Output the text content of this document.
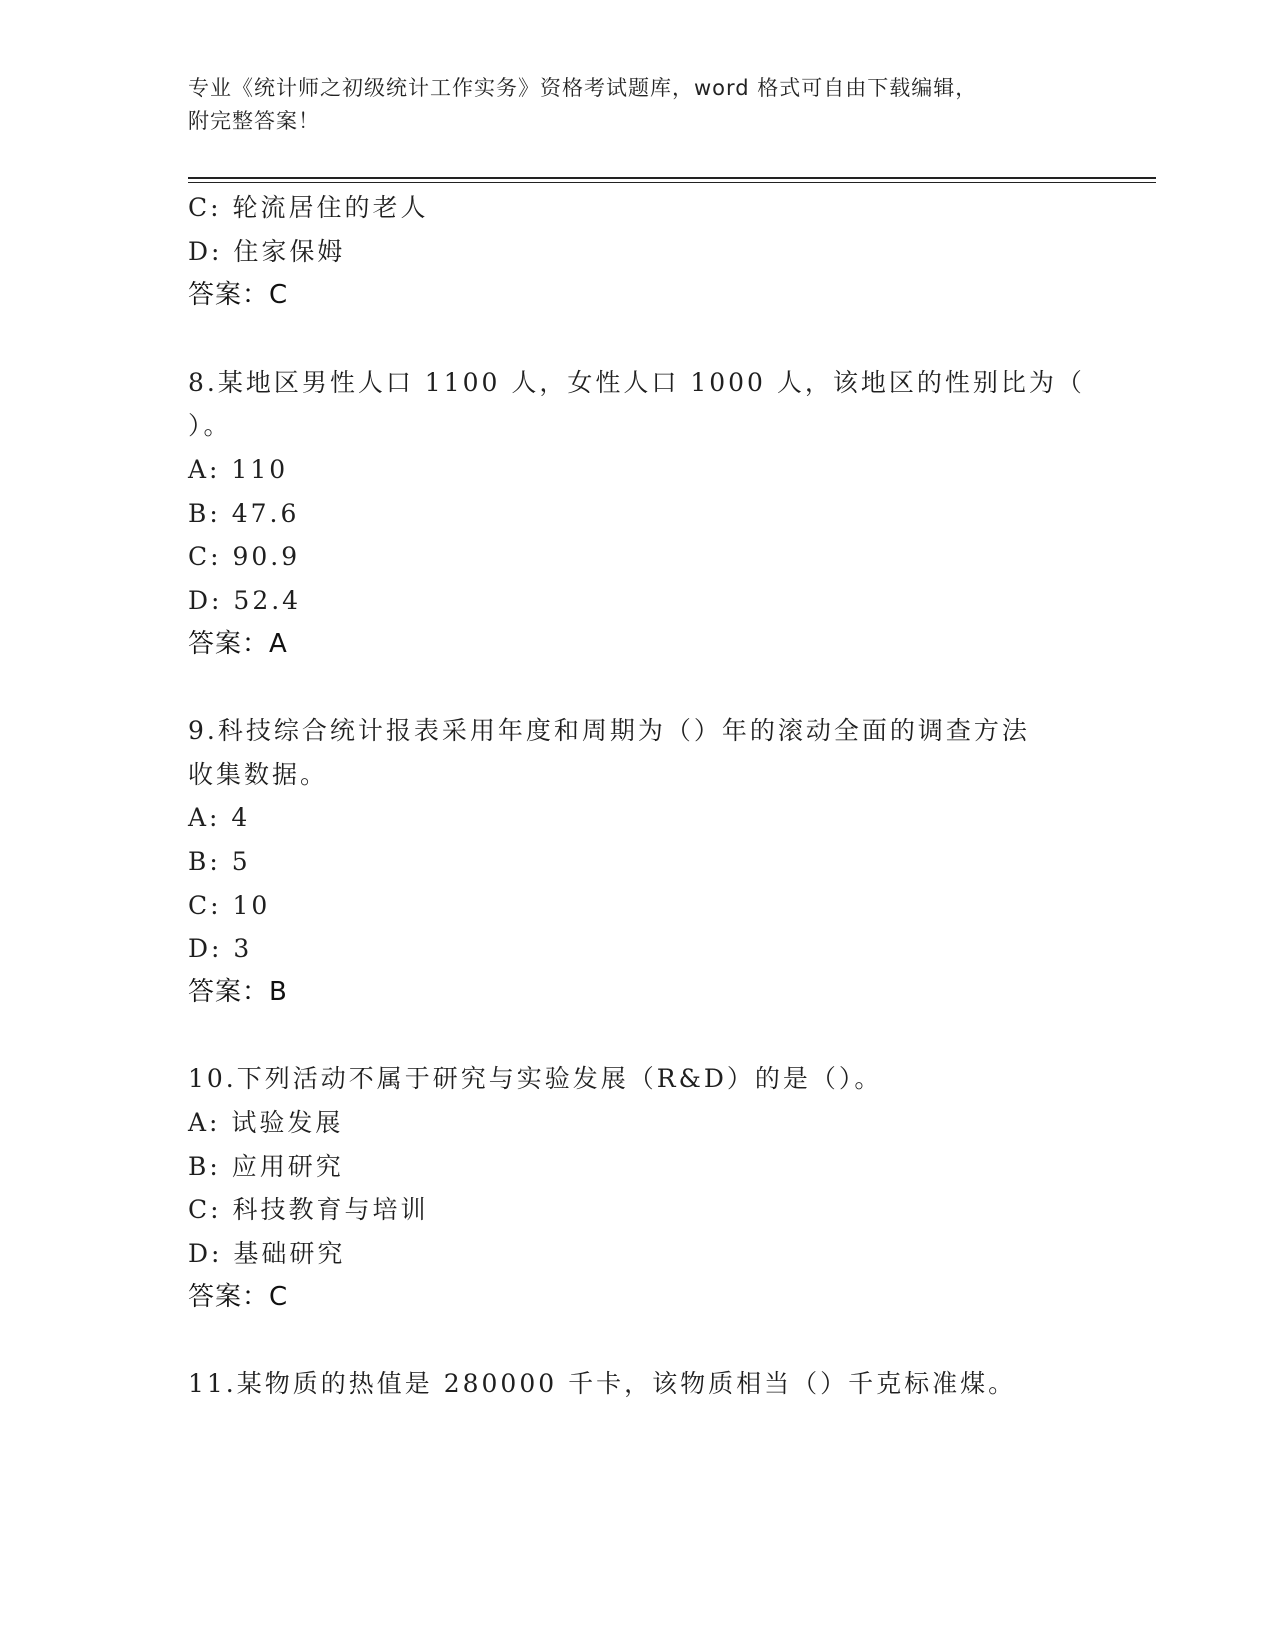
专业《统计师之初级统计工作实务》资格考试题库，word 格式可自由下载编辑，
附完整答案！
C: 轮流居住的老人
D: 住家保姆
答案：C
8.某地区男性人口 1100 人，女性人口 1000 人，该地区的性别比为（
）。
A: 110
B: 47.6
C: 90.9
D: 52.4
答案：A
9.科技综合统计报表采用年度和周期为（）年的滚动全面的调查方法
收集数据。
A: 4
B: 5
C: 10
D: 3
答案：B
10.下列活动不属于研究与实验发展（R&D）的是（）。
A: 试验发展
B: 应用研究
C: 科技教育与培训
D: 基础研究
答案：C
11.某物质的热值是 280000 千卡，该物质相当（）千克标准煤。
